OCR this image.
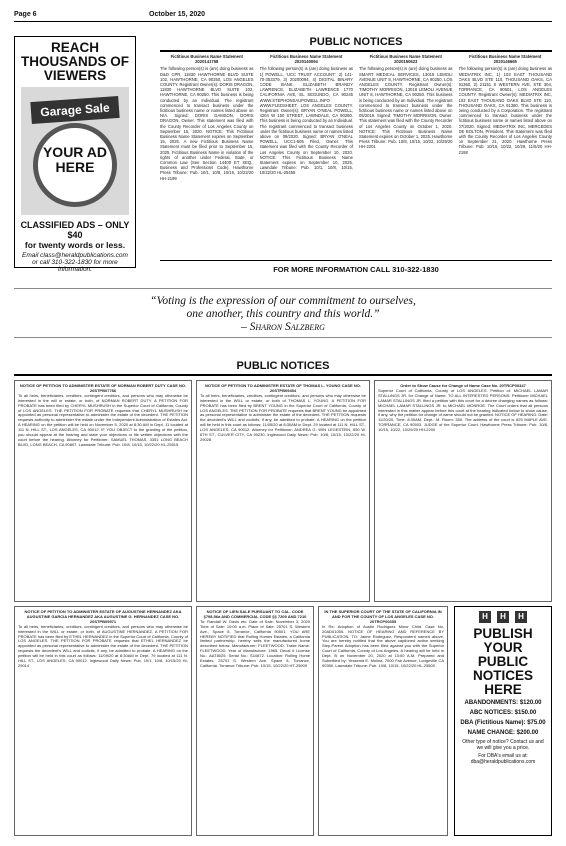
Page 6	October 15, 2020
REACH THOUSANDS OF VIEWERS
Garage Sale
YOUR AD HERE
CLASSIFIED ADS – ONLY $40
for twenty words or less.
Email class@heraldpublications.com or call 310-322-1830 for more information.
PUBLIC NOTICES
Fictitious Business Name Statement 2020141758
The following person(s) is (are) doing business as D&D CPR, 11830 HAWTHORNE BLVD SUITE 102, HAWTHORNE, CA 90250, LOS ANGELES COUNTY. Registrant Owner(s): DORIS DRAGON, 11830 HAWTHORNE BLVD SUITE 102, HAWTHORNE, CA 90250. This business is being conducted by an Individual. The registrant commenced to transact business under the fictitious business name or names listed above on N/A. Signed: DORIS DAMSON, DORIS DRAGON, Owner. This statement was filed with the County Recorder of Los Angeles County on September 15, 2020. NOTICE: This Fictitious Business Name Statement expires on September 15, 2025. A new Fictitious Business Name Statement must be filed prior to September 15, 2025. Fictitious Business Name in violation of the rights of another under Federal, State, or Common Law (See Section 14400 ET SEQ., Business and Professions Code). Hawthorne Press Tribune: Pub. 10/1, 10/8, 10/15, 10/22/20 HH-2199
Fictitious Business Name Statement 2020140094
The following person(s) is (are) doing business as 1) POWELL, 'UCC TRUST ACCOUNT', 2) 141-70-353379, 3) 20200094, 4) DIGITAL BINARY CODE BANK, ELIZABETH BRANDY LAWRENCE, ELIZABETH LAWRENCE 1770 CALIFORNIA AVE, EL SEGUNDO, CA 90245 WWW.STEPHONSAUPOWELL.INFO WWW.FLEDSHEET, LOS ANGELES COUNTY. Registrant Owner(s): BRYAN O'NEAL POWELL, 4204 W 150 STREET, LAWNDALE, CA 90260. This business is being conducted by an Individual. The registrant commenced to transact business under the fictitious business name or names listed above on 09/2020. Signed: BRYAN O'NEAL POWELL, UCC1-505 Filed, Owner. This statement was filed with the County Recorder of Los Angeles County on September 10, 2020. NOTICE: This Fictitious Business Name Statement expires on September 10, 2025. Lawndale Tribune: Pub. 10/1, 10/8, 10/15, 10/22/20 HL-25455
Fictitious Business Name Statement 2020150623
The following person(s) is (are) doing business as SMART MEDICAL SERVICES, 13018 LEMOLI AVENUE UNIT 8, HAWTHORNE, CA 90250, LOS ANGELES COUNTY. Registrant Owner(s): TIMOTHY MORRISON, 13018 LEMOLI AVENUE UNIT 8, HAWTHORNE, CA 90250. This business is being conducted by an Individual. The registrant commenced to transact business under the fictitious business name or names listed above on 05/2019. Signed: TIMOTHY MORRISON, Owner. This statement was filed with the County Recorder of Los Angeles County on October 1, 2020. NOTICE: This Fictitious Business Name Statement expires on October 1, 2025. Hawthorne Press Tribune: Pub. 10/8, 10/15, 10/22, 10/29/20 HH-2201
Fictitious Business Name Statement 2020146665
The following person(s) is (are) doing business as MEDIATRIX INC, 1) 103 EAST THOUSAND OAKS BLVD STE 110, THOUSAND OAKS, CA 91360, 2) 21151 S WESTERN AVE, STE 304, TORRANCE, CA 90501, LOS ANGELES COUNTY. Registrant Owner(s): MEDIATRIX INC, 103 EAST THOUSAND OAKS BLVD STE 110, THOUSAND OAKS, CA 91360. This business is being conducted by a Corporation. The registrant commenced to transact business under the fictitious business name or names listed above on 07/2020. Signed: MEDIATRIX INC, MERCEDES DE BOLTON, President. This statement was filed with the County Recorder of Los Angeles County on September 21, 2020. Hawthorne Press Tribune: Pub. 10/15, 10/22, 10/29, 11/5/20 HH-2198
FOR MORE INFORMATION CALL 310-322-1830
“Voting is the expression of our commitment to ourselves,
one another, this country and this world.”
– Sharon Salzberg
PUBLIC NOTICES
NOTICE OF PETITION TO ADMINISTER ESTATE OF NORMAN ROBERT DUTY CASE NO. 20STPB07786
To all heirs, beneficiaries, creditors, contingent creditors, and persons who may otherwise be interested in the will or estate, or both, of NORMAN ROBERT DUTY. A PETITION FOR PROBATE has been filed by CHERYL MUSHRUSH in the Superior Court of California, County of LOS ANGELES. THE PETITION FOR PROBATE requests that CHERYL MUSHRUSH be appointed as personal representative to administer the estate of the decedent. THE PETITION requests authority to administer the estate under the Independent Administration of Estates Act. A HEARING on the petition will be held on November 5, 2020 at 8:30 AM in Dept. 11 located at 111 N. HILL ST., LOS ANGELES, CA 90012. IF YOU OBJECT to the granting of the petition, you should appear at the hearing and state your objections or file written objections with the court before the hearing. Attorney for Petitioner: SAMUEL THOMAS, 3351 LONG BEACH BLVD, LONG BEACH, CA 90807. Lawndale Tribune: Pub. 10/8, 10/15, 10/22/20 HL-25515
NOTICE OF PETITION TO ADMINISTER ESTATE OF THOMAS L. YOUNG CASE NO. 20STPB09454
To all heirs, beneficiaries, creditors, contingent creditors, and persons who may otherwise be interested in the WILL or estate, or both of THOMAS L. YOUNG. A PETITION FOR PROBATE has been filed by BRENT YOUNG in the Superior Court of California, County of LOS ANGELES. THE PETITION FOR PROBATE requests that BRENT YOUNG be appointed as personal representative to administer the estate of the decedent. THE PETITION requests the decedent's WILL and codicils, if any, be admitted to probate. A HEARING on the petition will be held in this court as follows: 11/05/20 at 8:30AM in Dept. 29 located at 111 N. HILL ST., LOS ANGELES, CA 90012. Attorney for Petitioner: ANDREA G. WIN LEGESTEIN, 550 W. 6TH ST., CULVER CITY, CA 90230. Inglewood Daily News: Pub. 10/8, 10/15, 10/22/20 HI-29028
Order to Show Cause for Change of Name Case No. 20TRCP00347
Superior Court of California, County of LOS ANGELES. Petition of: MICHAEL LAMAR STALLINGS JR. for Change of Name. TO ALL INTERESTED PERSONS: Petitioner MICHAEL LAMAR STALLINGS JR. filed a petition with this court for a decree changing names as follows: MICHAEL LAMAR STALLINGS JR. to MICHAEL MONROE. The Court orders that all persons interested in this matter appear before this court at the hearing indicated below to show cause, if any, why the petition for change of name should not be granted. NOTICE OF HEARING: Date: 11/20/20, Time: 8:30AM, Dept.: M. Room: 350. The address of the court is 825 MAPLE AVE. TORRANCE, CA 90503. JUDGE of the Superior Court. Hawthorne Press Tribune: Pub. 10/8, 10/15, 10/22, 10/29/20 HH-2200
NOTICE OF PETITION TO ADMINISTER ESTATE OF AUGUSTINE HERNANDEZ AKA AUGUSTINE GARCIA HERNANDEZ AKA AUGUSTINE G. HERNANDEZ CASE NO. 20STPB09571
To all heirs, beneficiaries, creditors, contingent creditors, and persons who may otherwise be interested in the WILL or estate, or both, of AUGUSTINE HERNANDEZ. A PETITION FOR PROBATE has been filed by ETHEL HERNANDEZ in the Superior Court of California, County of LOS ANGELES. THE PETITION FOR PROBATE requests that ETHEL HERNANDEZ be appointed as personal representative to administer the estate of the decedent. THE PETITION requests the decedent's WILL and codicils, if any, be admitted to probate. A HEARING on the petition will be held in this court as follows: 11/09/20 at 8:30AM in Dept. 79 located at 111 N. HILL ST., LOS ANGELES, CA 90012. Inglewood Daily News: Pub. 10/1, 10/8, 10/15/20 HI-29014
NOTICE OF LIEN SALE PURSUANT TO CAL. CODE §798.56a AND COMMERCIAL CODE §§ 7209 AND 7210
To: Randall W. Davis etc. Date of Sale: November 3, 2020 Time of Sale: 10:00 a.m. Place of Sale: 25701 S. Western Ave., Space 8, Torrance, California 90501. YOU ARE HEREBY NOTIFIED that Rolling Homes Estates, a California limited partnership, hereby sells the manufactured home described below. Manufacturer: FLEETWOOD. Trade Name: FLEETWOOD. Year of Manufacture: 1965. Decal # License No.: AAT8025. Serial No.: S10872. Location: Rolling Home Estates, 25701 S. Western Ave. Space 8, Torrance, California. Torrance Tribune: Pub. 10/15, 10/22/20 HT-25909
IN THE SUPERIOR COURT OF THE STATE OF CALIFORNIA IN AND FOR THE COUNTY OF LOS ANGELES CASE NO. 20TRCP00355
In Re: Adoption of Austin Rodriguez Minor Child. Case No. 20AD01055. NOTICE OF HEARING AND REFERENCE BY PUBLICATION. TO: Jaime Rodriguez, Respondent named above. You are hereby notified that the above captioned action seeking Step-Parent Adoption has been filed against you with the Superior Court of California, County of Los Angeles. A hearing will be held in Dept. B on November 20, 2020 at 10:00 A.M. Prepared and Submitted by: Yessenia E. Molina, 7000 Fair Avenue, Lodgeville CA 90350. Lawndale Tribune: Pub. 10/8, 10/15, 10/22/20 HL-25500
H	H	H
PUBLISH YOUR PUBLIC NOTICES HERE
ABANDONMENTS: $120.00
ABC NOTICES: $150.00
DBA (Fictitious Name): $75.00
NAME CHANGE: $200.00
Other type of notice? Contact us and we will give you a price.
For DBA's email us at: dba@heraldpublications.com
